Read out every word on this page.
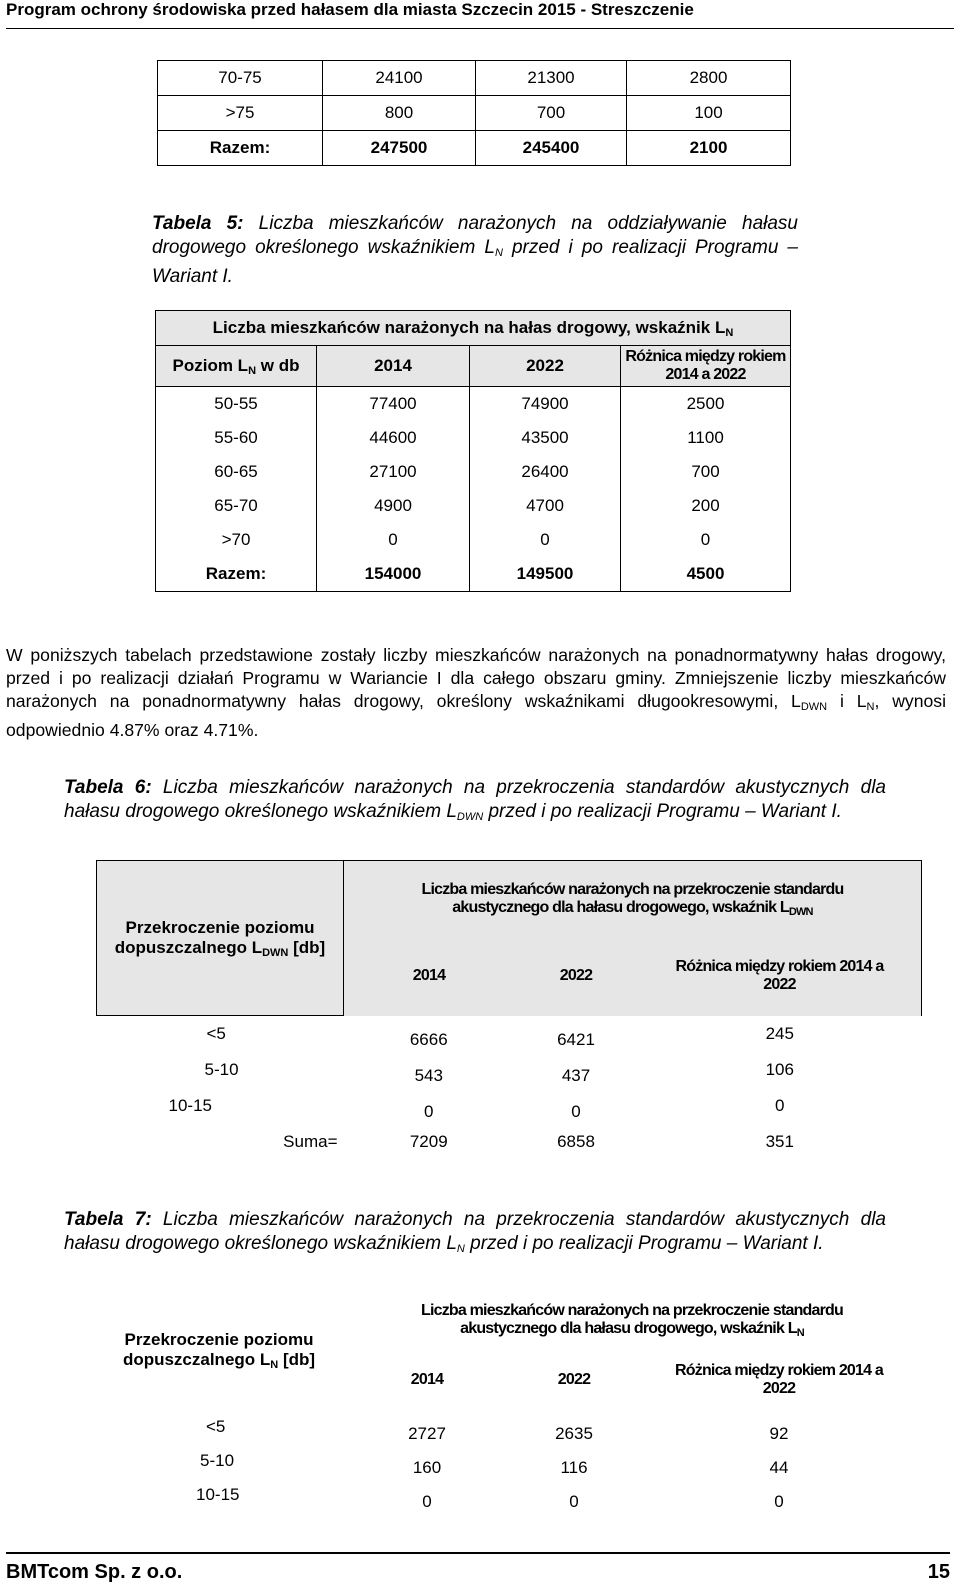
Program ochrony środowiska przed hałasem dla miasta Szczecin 2015 - Streszczenie
70-75	24100	21300	2800
>75	800	700	100
Razem:	247500	245400	2100
Tabela 5: Liczba mieszkańców narażonych na oddziaływanie hałasu drogowego określonego wskaźnikiem $L_N$ przed i po realizacji Programu – Wariant I.
Liczba mieszkańców narażonych na hałas drogowy, wskaźnik $L_N$
Poziom $L_N$ w db	2014	2022	Różnica między rokiem 2014 a 2022
50-55	77400	74900	2500
55-60	44600	43500	1100
60-65	27100	26400	700
65-70	4900	4700	200
>70	0	0	0
Razem:	154000	149500	4500
W poniższych tabelach przedstawione zostały liczby mieszkańców narażonych na ponadnormatywny hałas drogowy, przed i po realizacji działań Programu w Wariancie I dla całego obszaru gminy. Zmniejszenie liczby mieszkańców narażonych na ponadnormatywny hałas drogowy, określony wskaźnikami długookresowymi, $L_{DWN}$ i $L_N$, wynosi odpowiednio 4.87% oraz 4.71%.
Tabela 6: Liczba mieszkańców narażonych na przekroczenia standardów akustycznych dla hałasu drogowego określonego wskaźnikiem $L_{DWN}$ przed i po realizacji Programu – Wariant I.
Przekroczenie poziomu dopuszczalnego $L_{DWN}$ [db]	Liczba mieszkańców narażonych na przekroczenie standardu akustycznego dla hałasu drogowego, wskaźnik $L_{DWN}$
	2014	2022	Różnica między rokiem 2014 a 2022
<5	6666	6421	245
5-10	543	437	106
10-15	0	0	0
Suma=	7209	6858	351
Tabela 7: Liczba mieszkańców narażonych na przekroczenia standardów akustycznych dla hałasu drogowego określonego wskaźnikiem $L_N$ przed i po realizacji Programu – Wariant I.
Przekroczenie poziomu dopuszczalnego $L_N$ [db]	Liczba mieszkańców narażonych na przekroczenie standardu akustycznego dla hałasu drogowego, wskaźnik $L_N$
	2014	2022	Różnica między rokiem 2014 a 2022
<5	2727	2635	92
5-10	160	116	44
10-15	0	0	0
BMTcom Sp. z o.o.	15
